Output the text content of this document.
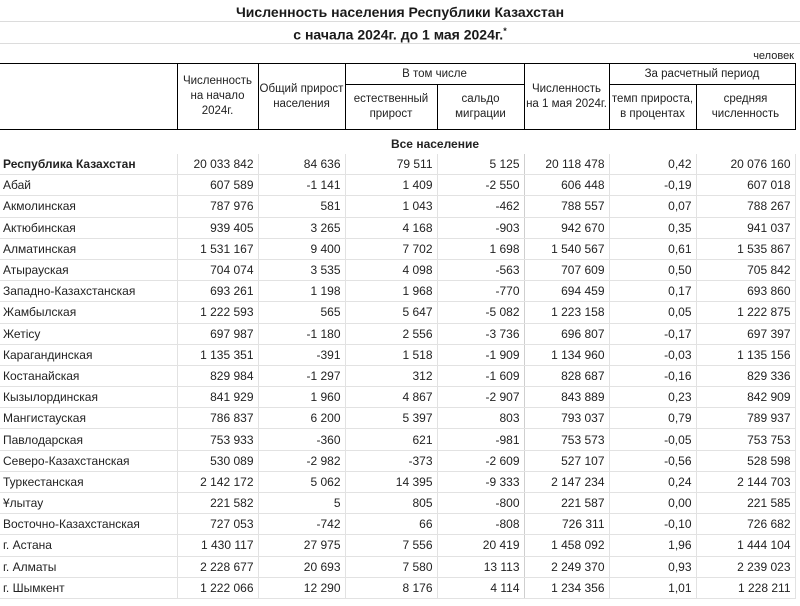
Численность населения Республики Казахстан
с начала 2024г. до 1 мая 2024г.*
человек
	Численность на начало 2024г.	Общий прирост населения	В том числе		Численность на 1 мая 2024г.	За расчетный период	
			естественный прирост	сальдо миграции		темп прироста, в процентах	средняя численность
Все население
Республика Казахстан	20 033 842	84 636	79 511	5 125	20 118 478	0,42	20 076 160
Абай	607 589	-1 141	1 409	-2 550	606 448	-0,19	607 018
Акмолинская	787 976	581	1 043	-462	788 557	0,07	788 267
Актюбинская	939 405	3 265	4 168	-903	942 670	0,35	941 037
Алматинская	1 531 167	9 400	7 702	1 698	1 540 567	0,61	1 535 867
Атырауская	704 074	3 535	4 098	-563	707 609	0,50	705 842
Западно-Казахстанская	693 261	1 198	1 968	-770	694 459	0,17	693 860
Жамбылская	1 222 593	565	5 647	-5 082	1 223 158	0,05	1 222 875
Жетісу	697 987	-1 180	2 556	-3 736	696 807	-0,17	697 397
Карагандинская	1 135 351	-391	1 518	-1 909	1 134 960	-0,03	1 135 156
Костанайская	829 984	-1 297	312	-1 609	828 687	-0,16	829 336
Кызылординская	841 929	1 960	4 867	-2 907	843 889	0,23	842 909
Мангистауская	786 837	6 200	5 397	803	793 037	0,79	789 937
Павлодарская	753 933	-360	621	-981	753 573	-0,05	753 753
Северо-Казахстанская	530 089	-2 982	-373	-2 609	527 107	-0,56	528 598
Туркестанская	2 142 172	5 062	14 395	-9 333	2 147 234	0,24	2 144 703
Ұлытау	221 582	5	805	-800	221 587	0,00	221 585
Восточно-Казахстанская	727 053	-742	66	-808	726 311	-0,10	726 682
г. Астана	1 430 117	27 975	7 556	20 419	1 458 092	1,96	1 444 104
г. Алматы	2 228 677	20 693	7 580	13 113	2 249 370	0,93	2 239 023
г. Шымкент	1 222 066	12 290	8 176	4 114	1 234 356	1,01	1 228 211
